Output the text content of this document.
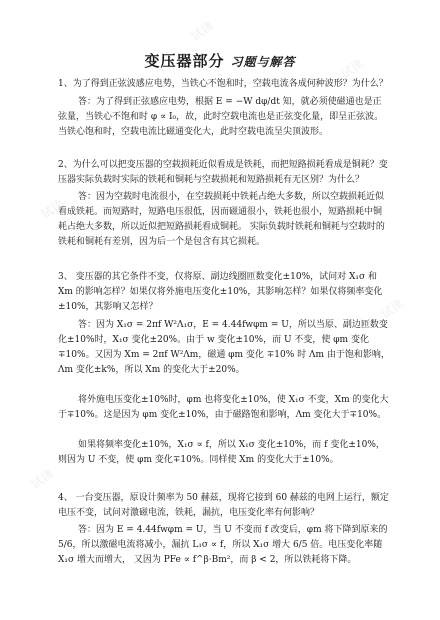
试读
试读
试读
试读
试读
变压器部分 习题与解答
1、为了得到正弦波感应电势，当铁心不饱和时，空载电流各成何种波形？为什么？
答：为了得到正弦感应电势，根据 E = −W dφ/dt 知，就必须使磁通也是正弦量，当铁心不饱和时 φ ∝ I₀，故，此时空载电流也是正弦变化量，即呈正弦波。当铁心饱和时，空载电流比磁通变化大，此时空载电流呈尖顶波形。
2、为什么可以把变压器的空载损耗近似看成是铁耗，而把短路损耗看成是铜耗？变压器实际负载时实际的铁耗和铜耗与空载损耗和短路损耗有无区别？为什么？
答：因为空载时电流很小，在空载损耗中铁耗占绝大多数，所以空载损耗近似看成铁耗。而短路时，短路电压很低，因而磁通很小，铁耗也很小，短路损耗中铜耗占绝大多数，所以近似把短路损耗看成铜耗。 实际负载时铁耗和铜耗与空载时的铁耗和铜耗有差别，因为后一个是包含有其它损耗。
3、 变压器的其它条件不变，仅将原、副边线圈匝数变化±10%，试问对 X₁σ 和 Xm 的影响怎样？如果仅将外施电压变化±10%，其影响怎样？如果仅将频率变化±10%，其影响又怎样？
答：因为 X₁σ = 2πf W²Λ₁σ，E = 4.44fwφm = U，所以当原、副边匝数变化±10%时，X₁σ 变化±20%。由于 w 变化±10%，而 U 不变，使 φm 变化 ∓10%。又因为 Xm = 2πf W²Λm，磁通 φm 变化 ∓10% 时 Λm 由于饱和影响，Λm 变化±k%，所以 Xm 的变化大于±20%。
将外施电压变化±10%时，φm 也将变化±10%，使 X₁σ 不变，Xm 的变化大于∓10%。这是因为 φm 变化±10%，由于磁路饱和影响，Λm 变化大于∓10%。
如果将频率变化±10%，X₁σ ∝ f，所以 X₁σ 变化±10%，而 f 变化±10%，则因为 U 不变，使 φm 变化∓10%。同样使 Xm 的变化大于±10%。
4、 一台变压器，原设计频率为 50 赫兹，现将它接到 60 赫兹的电网上运行，额定电压不变，试问对激磁电流，铁耗，漏抗，电压变化率有何影响？
答：因为 E = 4.44fwφm = U，当 U 不变而 f 改变后，φm 将下降到原来的 5/6，所以激磁电流将减小，漏抗 L₁σ ∝ f，所以 X₁σ 增大 6/5 倍。电压变化率随 X₁σ 增大而增大， 又因为 PFe ∝ f^β·Bm²，而 β < 2，所以铁耗将下降。
